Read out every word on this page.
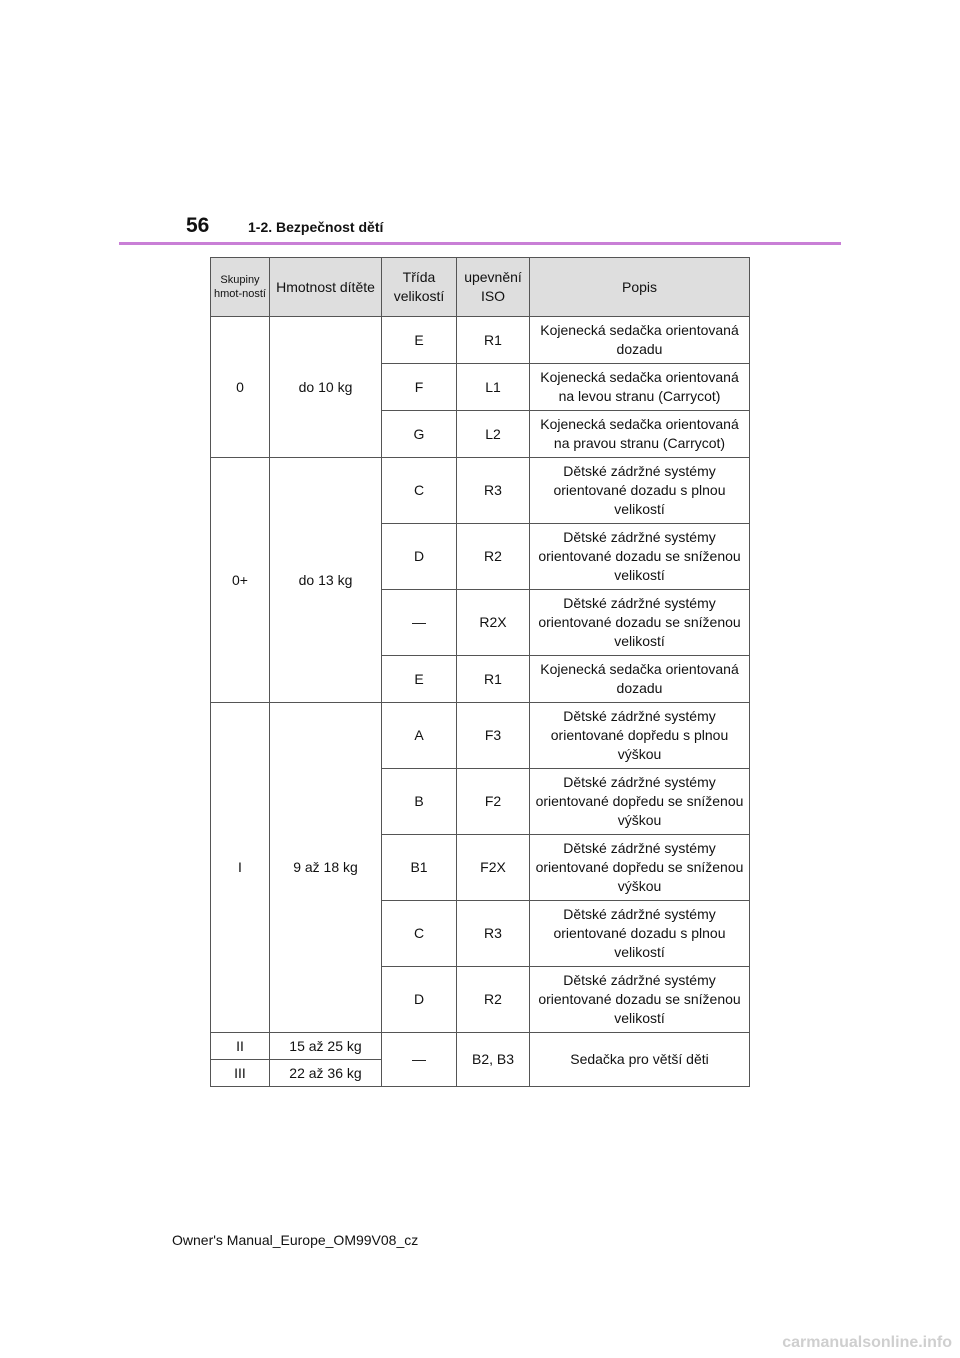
56	1-2. Bezpečnost dětí
Skupiny hmot-ností	Hmotnost dítěte	Třída velikostí	upevnění ISO	Popis
0	do 10 kg	E	R1	Kojenecká sedačka orientovaná dozadu
		F	L1	Kojenecká sedačka orientovaná na levou stranu (Carrycot)
		G	L2	Kojenecká sedačka orientovaná na pravou stranu (Carrycot)
0+	do 13 kg	C	R3	Dětské zádržné systémy orientované dozadu s plnou velikostí
		D	R2	Dětské zádržné systémy orientované dozadu se sníženou velikostí
		—	R2X	Dětské zádržné systémy orientované dozadu se sníženou velikostí
		E	R1	Kojenecká sedačka orientovaná dozadu
I	9 až 18 kg	A	F3	Dětské zádržné systémy orientované dopředu s plnou výškou
		B	F2	Dětské zádržné systémy orientované dopředu se sníženou výškou
		B1	F2X	Dětské zádržné systémy orientované dopředu se sníženou výškou
		C	R3	Dětské zádržné systémy orientované dozadu s plnou velikostí
		D	R2	Dětské zádržné systémy orientované dozadu se sníženou velikostí
II	15 až 25 kg	—	B2, B3	Sedačka pro větší děti
III	22 až 36 kg			
Owner's Manual_Europe_OM99V08_cz
carmanualsonline.info
